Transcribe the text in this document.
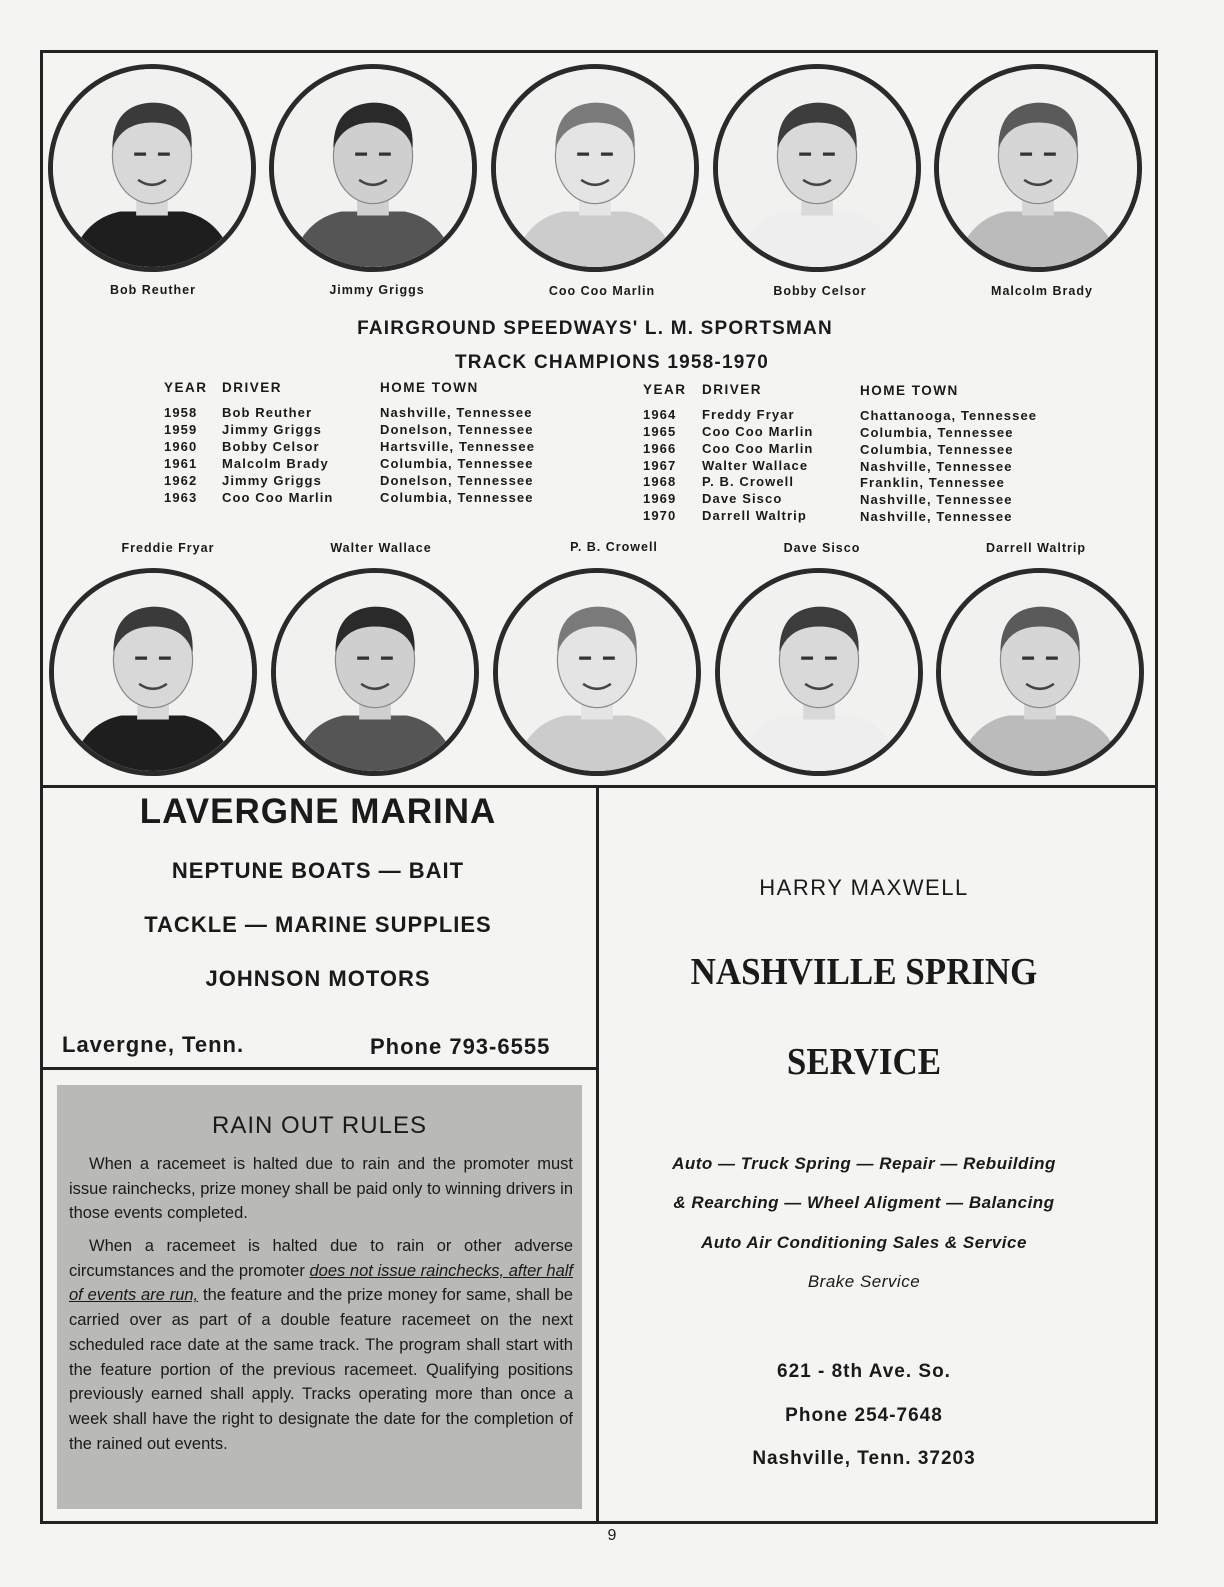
Bob Reuther	Jimmy Griggs	Coo Coo Marlin	Bobby Celsor	Malcolm Brady
FAIRGROUND SPEEDWAYS' L. M. SPORTSMAN
TRACK CHAMPIONS 1958-1970
YEAR DRIVER	HOME TOWN	YEAR DRIVER	HOME TOWN
1958 Bob Reuther	Nashville, Tennessee
1959 Jimmy Griggs	Donelson, Tennessee
1960 Bobby Celsor	Hartsville, Tennessee
1961 Malcolm Brady	Columbia, Tennessee
1962 Jimmy Griggs	Donelson, Tennessee
1963 Coo Coo Marlin	Columbia, Tennessee
1964 Freddy Fryar	Chattanooga, Tennessee
1965 Coo Coo Marlin	Columbia, Tennessee
1966 Coo Coo Marlin	Columbia, Tennessee
1967 Walter Wallace	Nashville, Tennessee
1968 P. B. Crowell	Franklin, Tennessee
1969 Dave Sisco	Nashville, Tennessee
1970 Darrell Waltrip	Nashville, Tennessee
Freddie Fryar	Walter Wallace	P. B. Crowell	Dave Sisco	Darrell Waltrip
LAVERGNE MARINA
NEPTUNE BOATS — BAIT
TACKLE — MARINE SUPPLIES
JOHNSON MOTORS
Lavergne, Tenn.	Phone 793-6555
RAIN OUT RULES
When a racemeet is halted due to rain and the promoter must issue rainchecks, prize money shall be paid only to winning drivers in those events completed.
When a racemeet is halted due to rain or other adverse circumstances and the promoter does not issue rainchecks, after half of events are run, the feature and the prize money for same, shall be carried over as part of a double feature racemeet on the next scheduled race date at the same track. The program shall start with the feature portion of the previous racemeet. Qualifying positions previously earned shall apply. Tracks operating more than once a week shall have the right to designate the date for the completion of the rained out events.
HARRY MAXWELL
NASHVILLE SPRING
SERVICE
Auto — Truck Spring — Repair — Rebuilding
& Rearching — Wheel Aligment — Balancing
Auto Air Conditioning Sales & Service
Brake Service
621 - 8th Ave. So.
Phone 254-7648
Nashville, Tenn. 37203
9
